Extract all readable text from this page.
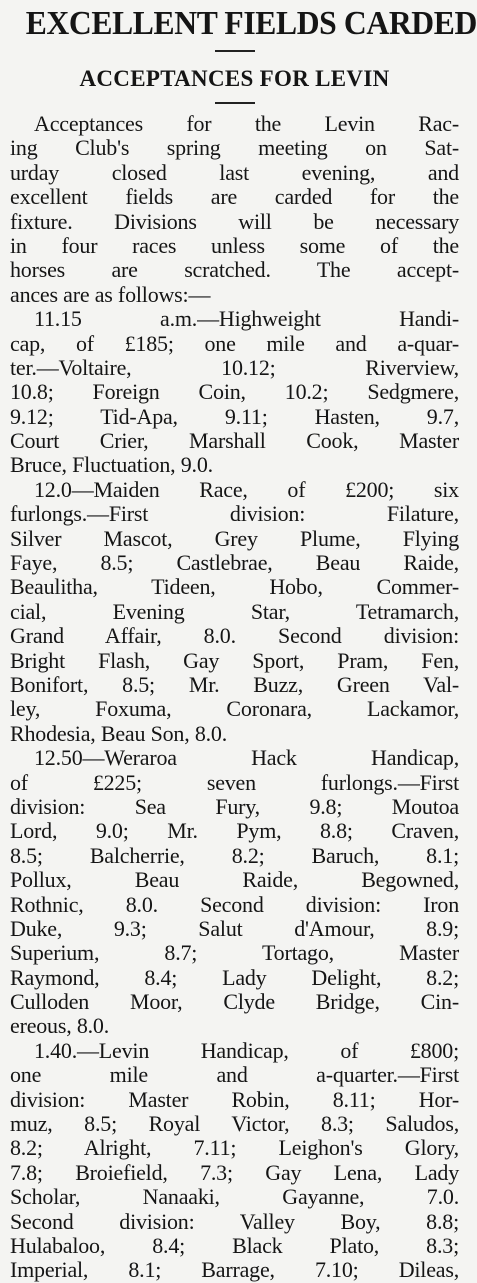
EXCELLENT FIELDS CARDED
ACCEPTANCES FOR LEVIN
Acceptances for the Levin Rac-
ing Club's spring meeting on Sat-
urday closed last evening, and
excellent fields are carded for the
fixture. Divisions will be necessary
in four races unless some of the
horses are scratched. The accept-
ances are as follows:—
11.15 a.m.—Highweight Handi-
cap, of £185; one mile and a-quar-
ter.—Voltaire, 10.12; Riverview,
10.8; Foreign Coin, 10.2; Sedgmere,
9.12; Tid-Apa, 9.11; Hasten, 9.7,
Court Crier, Marshall Cook, Master
Bruce, Fluctuation, 9.0.
12.0—Maiden Race, of £200; six
furlongs.—First division: Filature,
Silver Mascot, Grey Plume, Flying
Faye, 8.5; Castlebrae, Beau Raide,
Beaulitha, Tideen, Hobo, Commer-
cial, Evening Star, Tetramarch,
Grand Affair, 8.0. Second division:
Bright Flash, Gay Sport, Pram, Fen,
Bonifort, 8.5; Mr. Buzz, Green Val-
ley, Foxuma, Coronara, Lackamor,
Rhodesia, Beau Son, 8.0.
12.50—Weraroa Hack Handicap,
of £225; seven furlongs.—First
division: Sea Fury, 9.8; Moutoa
Lord, 9.0; Mr. Pym, 8.8; Craven,
8.5; Balcherrie, 8.2; Baruch, 8.1;
Pollux, Beau Raide, Begowned,
Rothnic, 8.0. Second division: Iron
Duke, 9.3; Salut d'Amour, 8.9;
Superium, 8.7; Tortago, Master
Raymond, 8.4; Lady Delight, 8.2;
Culloden Moor, Clyde Bridge, Cin-
ereous, 8.0.
1.40.—Levin Handicap, of £800;
one mile and a-quarter.—First
division: Master Robin, 8.11; Hor-
muz, 8.5; Royal Victor, 8.3; Saludos,
8.2; Alright, 7.11; Leighon's Glory,
7.8; Broiefield, 7.3; Gay Lena, Lady
Scholar, Nanaaki, Gayanne, 7.0.
Second division: Valley Boy, 8.8;
Hulabaloo, 8.4; Black Plato, 8.3;
Imperial, 8.1; Barrage, 7.10; Dileas,
